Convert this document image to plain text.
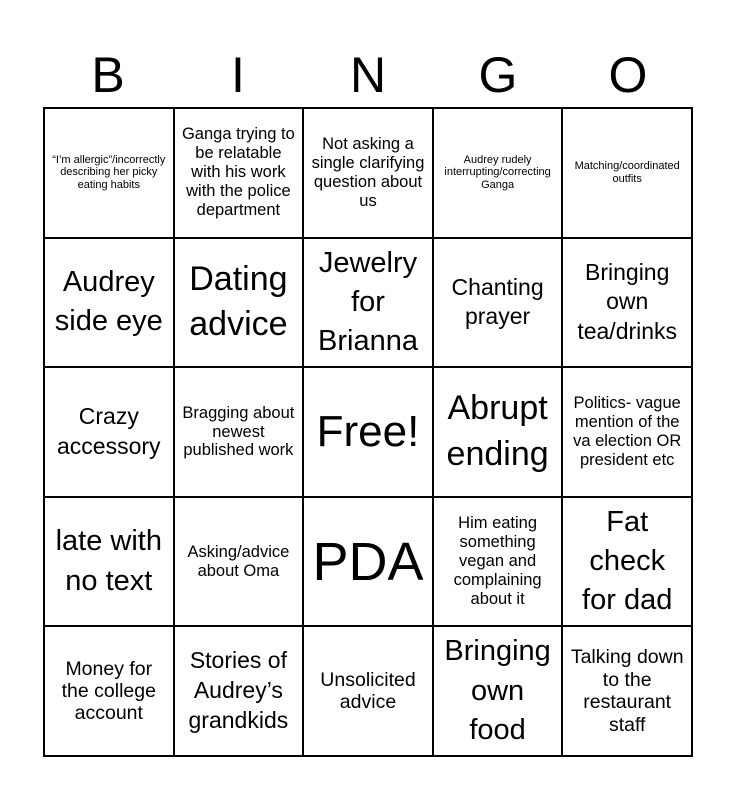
B	I	N	G	O
“I’m allergic”/incorrectly describing her picky eating habits
Ganga trying to be relatable with his work with the police department
Not asking a single clarifying question about us
Audrey rudely interrupting/correcting Ganga
Matching/coordinated outfits
Audrey side eye
Dating advice
Jewelry for Brianna
Chanting prayer
Bringing own tea/drinks
Crazy accessory
Bragging about newest published work Free! Abrupt ending
Politics- vague mention of the va election OR president etc
late with no text
Asking/advice about Oma PDA
Him eating something vegan and complaining about it
Fat check for dad
Money for the college account
Stories of Audrey’s grandkids
Unsolicited advice
Bringing own food
Talking down to the restaurant staff
